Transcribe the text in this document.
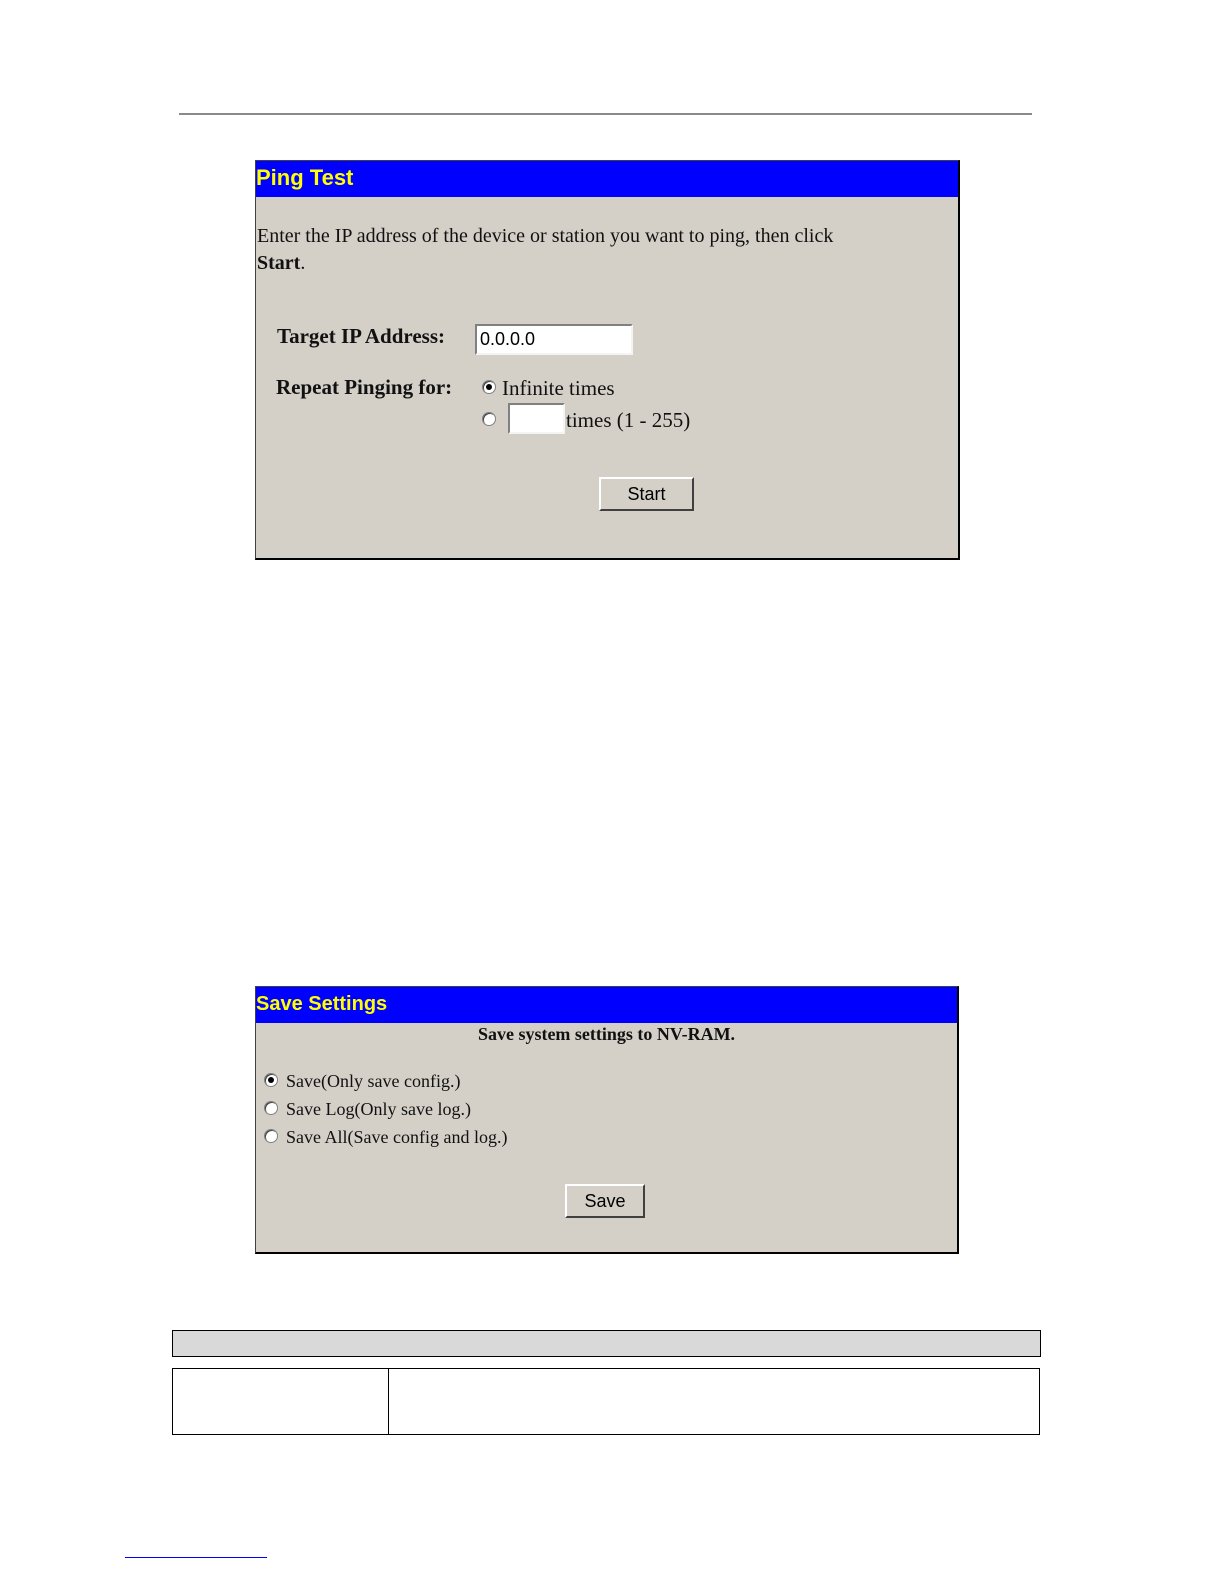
Ping Test
Enter the IP address of the device or station you want to ping, then click
Start.
Target IP Address:
0.0.0.0
Repeat Pinging for: Infinite times
times (1 - 255)
Start
Save Settings
Save system settings to NV-RAM.
Save(Only save config.)
Save Log(Only save log.)
Save All(Save config and log.)
Save
